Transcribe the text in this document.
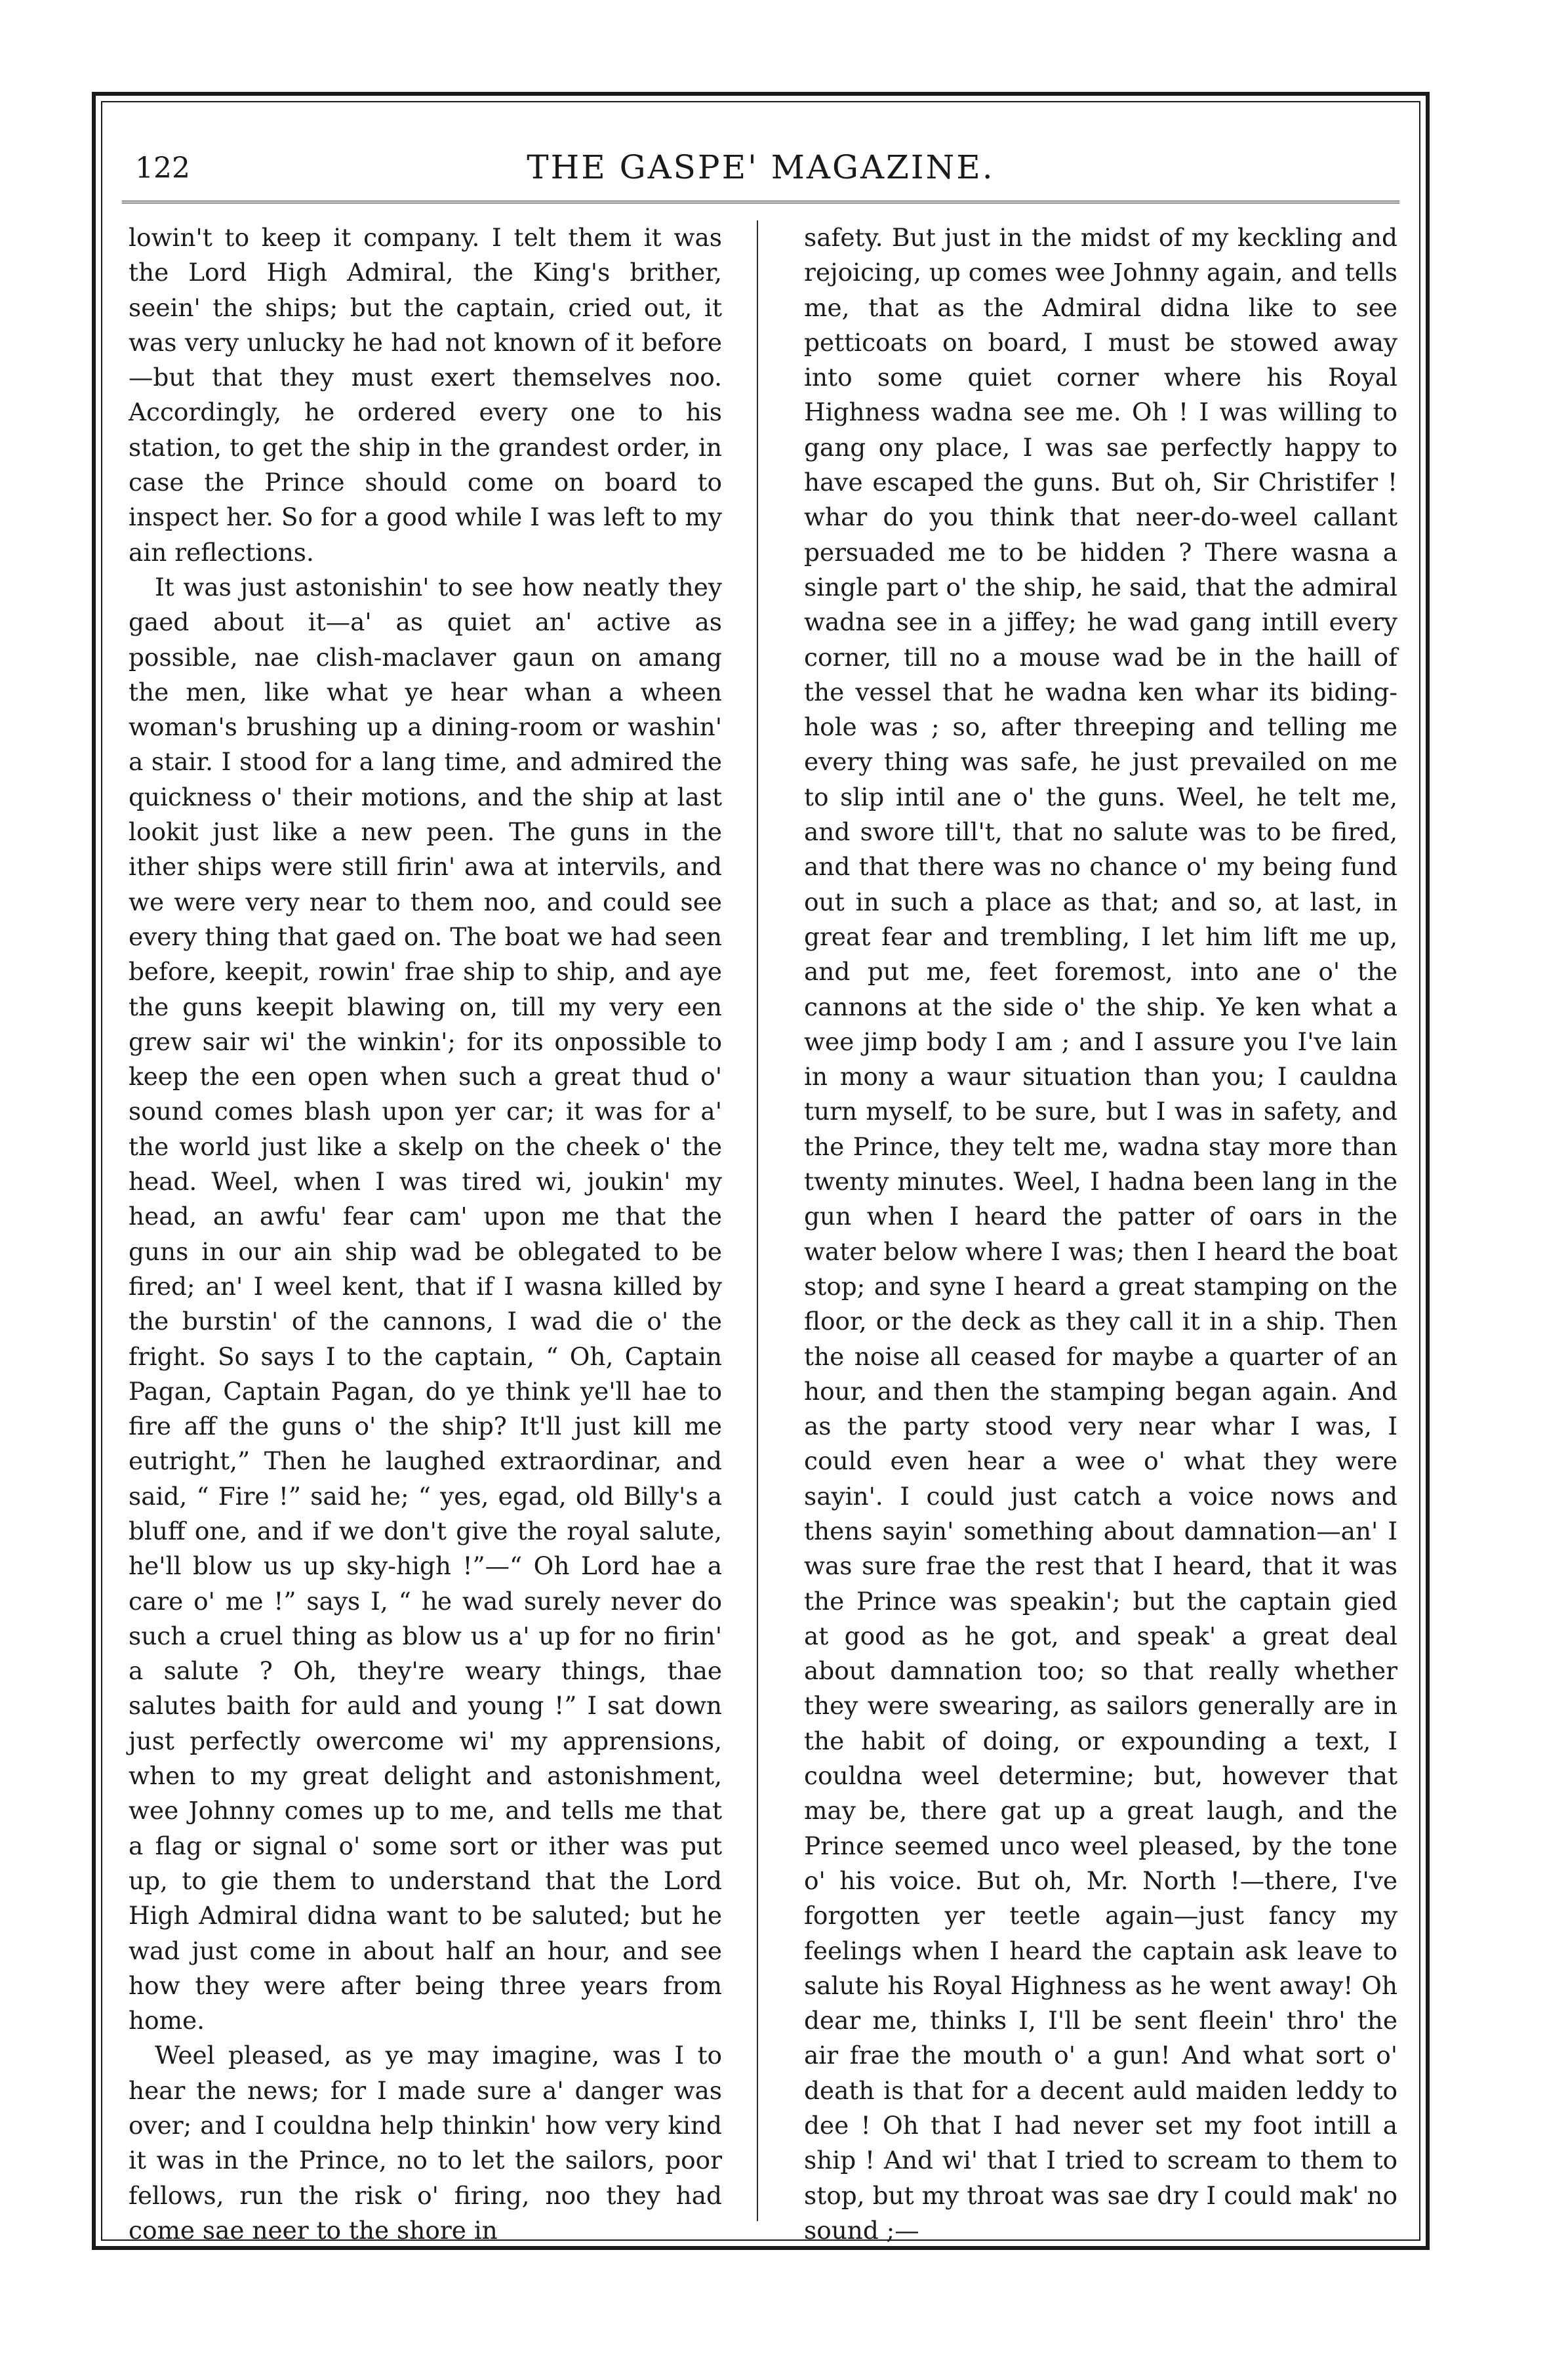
122	THE GASPE' MAGAZINE.

lowin't to keep it company. I telt them it was the Lord High Admiral, the King's brither, seein' the ships; but the captain, cried out, it was very unlucky he had not known of it before—but that they must exert themselves noo. Accordingly, he ordered every one to his station, to get the ship in the grandest order, in case the Prince should come on board to inspect her. So for a good while I was left to my ain reflections.

It was just astonishin' to see how neatly they gaed about it—a' as quiet an' active as possible, nae clish-maclaver gaun on amang the men, like what ye hear whan a wheen woman's brushing up a dining-room or washin' a stair. I stood for a lang time, and admired the quickness o' their motions, and the ship at last lookit just like a new peen. The guns in the ither ships were still firin' awa at intervils, and we were very near to them noo, and could see every thing that gaed on. The boat we had seen before, keepit, rowin' frae ship to ship, and aye the guns keepit blawing on, till my very een grew sair wi' the winkin'; for its onpossible to keep the een open when such a great thud o' sound comes blash upon yer car; it was for a' the world just like a skelp on the cheek o' the head. Weel, when I was tired wi, joukin' my head, an awfu' fear cam' upon me that the guns in our ain ship wad be oblegated to be fired; an' I weel kent, that if I wasna killed by the burstin' of the cannons, I wad die o' the fright. So says I to the captain, “ Oh, Captain Pagan, Captain Pagan, do ye think ye'll hae to fire aff the guns o' the ship? It'll just kill me eutright,” Then he laughed extraordinar, and said, “ Fire !” said he; “ yes, egad, old Billy's a bluff one, and if we don't give the royal salute, he'll blow us up sky-high !”—“ Oh Lord hae a care o' me !” says I, “ he wad surely never do such a cruel thing as blow us a' up for no firin' a salute ? Oh, they're weary things, thae salutes baith for auld and young !” I sat down just perfectly owercome wi' my apprensions, when to my great delight and astonishment, wee Johnny comes up to me, and tells me that a flag or signal o' some sort or ither was put up, to gie them to understand that the Lord High Admiral didna want to be saluted; but he wad just come in about half an hour, and see how they were after being three years from home.

Weel pleased, as ye may imagine, was I to hear the news; for I made sure a' danger was over; and I couldna help thinkin' how very kind it was in the Prince, no to let the sailors, poor fellows, run the risk o' firing, noo they had come sae neer to the shore in

safety. But just in the midst of my keckling and rejoicing, up comes wee Johnny again, and tells me, that as the Admiral didna like to see petticoats on board, I must be stowed away into some quiet corner where his Royal Highness wadna see me. Oh ! I was willing to gang ony place, I was sae perfectly happy to have escaped the guns. But oh, Sir Christifer ! whar do you think that neer-do-weel callant persuaded me to be hidden ? There wasna a single part o' the ship, he said, that the admiral wadna see in a jiffey; he wad gang intill every corner, till no a mouse wad be in the haill of the vessel that he wadna ken whar its biding-hole was ; so, after threeping and telling me every thing was safe, he just prevailed on me to slip intil ane o' the guns. Weel, he telt me, and swore till't, that no salute was to be fired, and that there was no chance o' my being fund out in such a place as that; and so, at last, in great fear and trembling, I let him lift me up, and put me, feet foremost, into ane o' the cannons at the side o' the ship. Ye ken what a wee jimp body I am ; and I assure you I've lain in mony a waur situation than you; I cauldna turn myself, to be sure, but I was in safety, and the Prince, they telt me, wadna stay more than twenty minutes. Weel, I hadna been lang in the gun when I heard the patter of oars in the water below where I was; then I heard the boat stop; and syne I heard a great stamping on the floor, or the deck as they call it in a ship. Then the noise all ceased for maybe a quarter of an hour, and then the stamping began again. And as the party stood very near whar I was, I could even hear a wee o' what they were sayin'. I could just catch a voice nows and thens sayin' something about damnation—an' I was sure frae the rest that I heard, that it was the Prince was speakin'; but the captain gied at good as he got, and speak' a great deal about damnation too; so that really whether they were swearing, as sailors generally are in the habit of doing, or expounding a text, I couldna weel determine; but, however that may be, there gat up a great laugh, and the Prince seemed unco weel pleased, by the tone o' his voice. But oh, Mr. North !—there, I've forgotten yer teetle again—just fancy my feelings when I heard the captain ask leave to salute his Royal Highness as he went away! Oh dear me, thinks I, I'll be sent fleein' thro' the air frae the mouth o' a gun! And what sort o' death is that for a decent auld maiden leddy to dee ! Oh that I had never set my foot intill a ship ! And wi' that I tried to scream to them to stop, but my throat was sae dry I could mak' no sound ;—
